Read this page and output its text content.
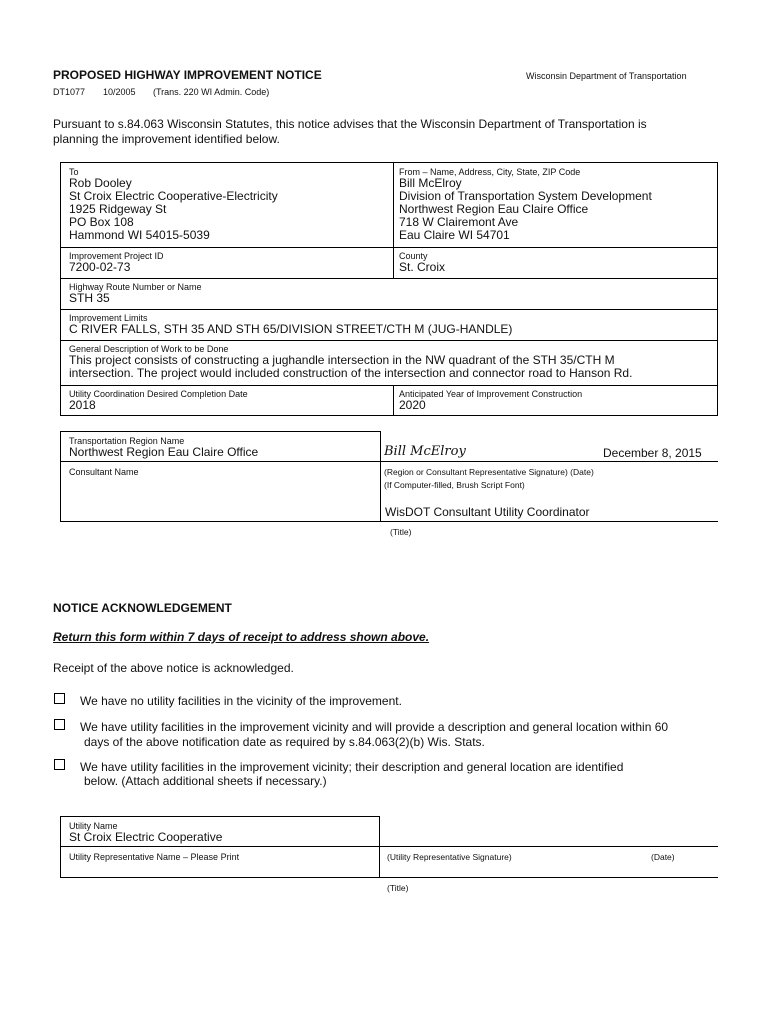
PROPOSED HIGHWAY IMPROVEMENT NOTICE	Wisconsin Department of Transportation
DT1077 10/2005 (Trans. 220 WI Admin. Code)
Pursuant to s.84.063 Wisconsin Statutes, this notice advises that the Wisconsin Department of Transportation is
planning the improvement identified below.
To
Rob Dooley
St Croix Electric Cooperative-Electricity
1925 Ridgeway St
PO Box 108
Hammond WI 54015-5039
From – Name, Address, City, State, ZIP Code
Bill McElroy
Division of Transportation System Development
Northwest Region Eau Claire Office
718 W Clairemont Ave
Eau Claire WI 54701
Improvement Project ID
7200-02-73
County
St. Croix
Highway Route Number or Name
STH 35
Improvement Limits
C RIVER FALLS, STH 35 AND STH 65/DIVISION STREET/CTH M (JUG-HANDLE)
General Description of Work to be Done
This project consists of constructing a jughandle intersection in the NW quadrant of the STH 35/CTH M
intersection. The project would included construction of the intersection and connector road to Hanson Rd.
Utility Coordination Desired Completion Date
2018
Anticipated Year of Improvement Construction
2020
Transportation Region Name
Northwest Region Eau Claire Office
Consultant Name
Bill McElroy	December 8, 2015
(Region or Consultant Representative Signature) (Date)
(If Computer-filled, Brush Script Font)
WisDOT Consultant Utility Coordinator
(Title)
NOTICE ACKNOWLEDGEMENT
Return this form within 7 days of receipt to address shown above.
Receipt of the above notice is acknowledged.
We have no utility facilities in the vicinity of the improvement.
We have utility facilities in the improvement vicinity and will provide a description and general location within 60
days of the above notification date as required by s.84.063(2)(b) Wis. Stats.
We have utility facilities in the improvement vicinity; their description and general location are identified
below. (Attach additional sheets if necessary.)
Utility Name
St Croix Electric Cooperative
Utility Representative Name – Please Print	(Utility Representative Signature)	(Date)
(Title)
